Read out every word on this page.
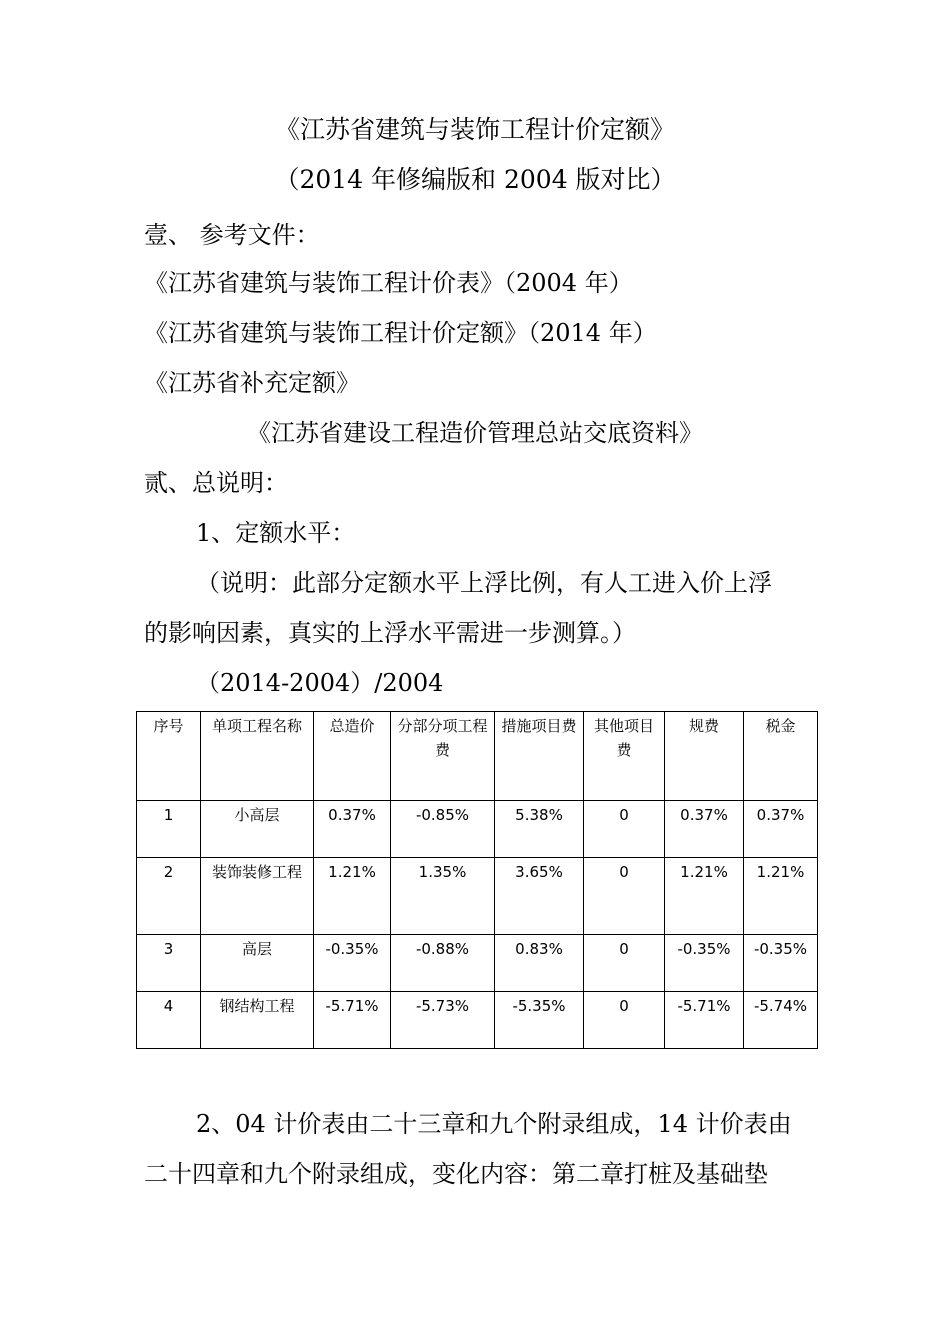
《江苏省建筑与装饰工程计价定额》
（2014 年修编版和 2004 版对比）
壹、 参考文件：
《江苏省建筑与装饰工程计价表》（2004 年）
《江苏省建筑与装饰工程计价定额》（2014 年）
《江苏省补充定额》
《江苏省建设工程造价管理总站交底资料》
贰、总说明：
1、定额水平：
（说明：此部分定额水平上浮比例，有人工进入价上浮
的影响因素，真实的上浮水平需进一步测算。）
（2014-2004）/2004
序号	单项工程名称	总造价	分部分项工程费	措施项目费	其他项目费	规费	税金
1	小高层	0.37%	-0.85%	5.38%	0	0.37%	0.37%
2	装饰装修工程	1.21%	1.35%	3.65%	0	1.21%	1.21%
3	高层	-0.35%	-0.88%	0.83%	0	-0.35%	-0.35%
4	钢结构工程	-5.71%	-5.73%	-5.35%	0	-5.71%	-5.74%
2、04 计价表由二十三章和九个附录组成，14 计价表由
二十四章和九个附录组成，变化内容：第二章打桩及基础垫
